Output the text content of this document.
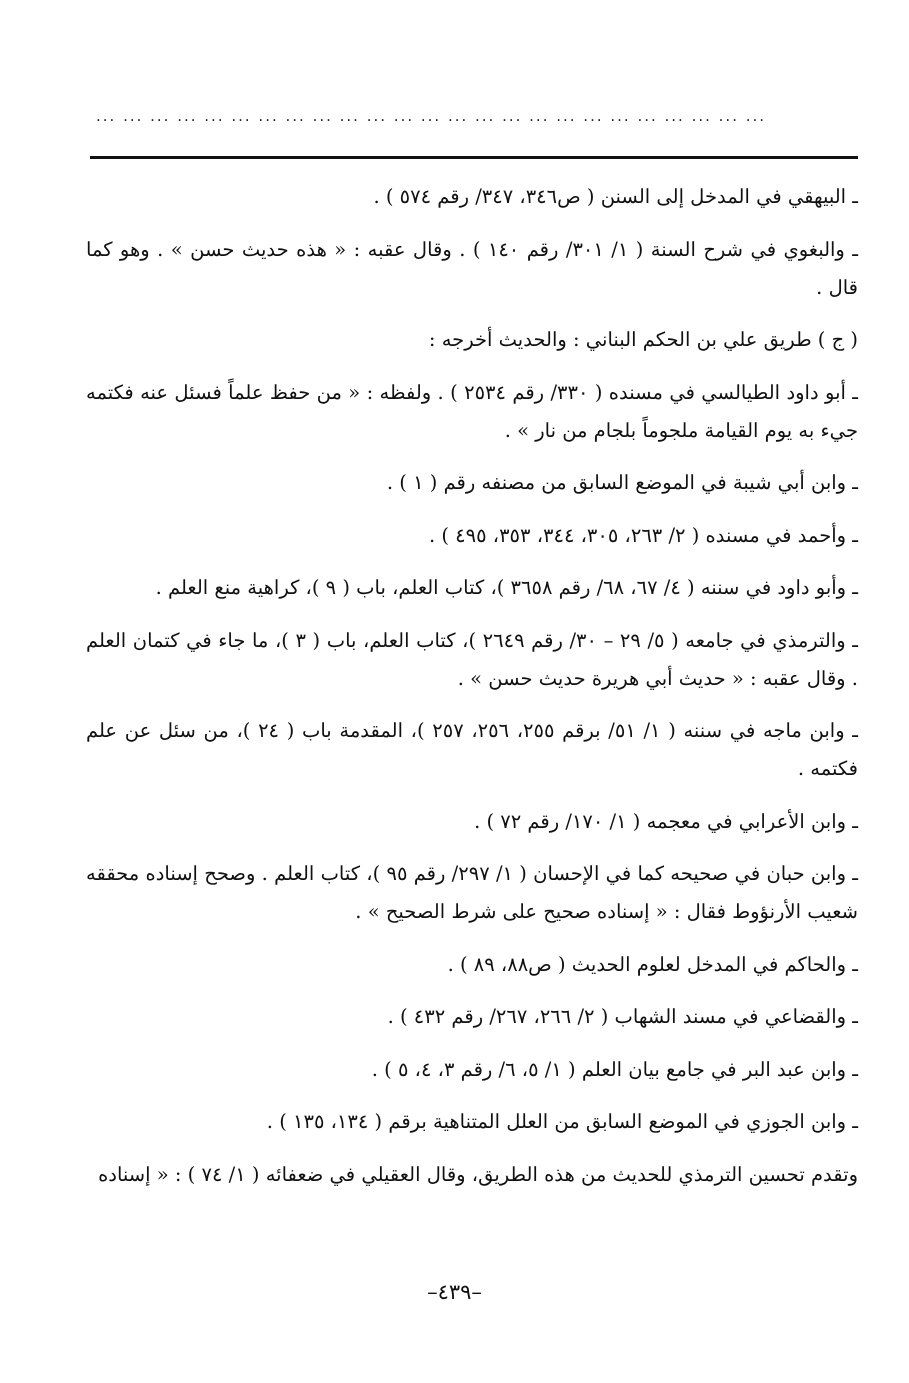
... ... ... ... ... ... ... ... ... ... ... ... ... ... ... ... ... ... ... ... ... ... ... ... ...

ـ البيهقي في المدخل إلى السنن ( ص٣٤٦، ٣٤٧/ رقم ٥٧٤ ) .

ـ والبغوي في شرح السنة ( ١/ ٣٠١/ رقم ١٤٠ ) . وقال عقبه : « هذه حديث حسن » . وهو كما قال .

( ج ) طريق علي بن الحكم البناني : والحديث أخرجه :

ـ أبو داود الطيالسي في مسنده ( ٣٣٠/ رقم ٢٥٣٤ ) . ولفظه : « من حفظ علماً فسئل عنه فكتمه جيء به يوم القيامة ملجوماً بلجام من نار » .

ـ وابن أبي شيبة في الموضع السابق من مصنفه رقم ( ١ ) .

ـ وأحمد في مسنده ( ٢/ ٢٦٣، ٣٠٥، ٣٤٤، ٣٥٣، ٤٩٥ ) .

ـ وأبو داود في سننه ( ٤/ ٦٧، ٦٨/ رقم ٣٦٥٨ )، كتاب العلم، باب ( ٩ )، كراهية منع العلم .

ـ والترمذي في جامعه ( ٥/ ٢٩ – ٣٠/ رقم ٢٦٤٩ )، كتاب العلم، باب ( ٣ )، ما جاء في كتمان العلم . وقال عقبه : « حديث أبي هريرة حديث حسن » .

ـ وابن ماجه في سننه ( ١/ ٥١/ برقم ٢٥٥، ٢٥٦، ٢٥٧ )، المقدمة باب ( ٢٤ )، من سئل عن علم فكتمه .

ـ وابن الأعرابي في معجمه ( ١/ ١٧٠/ رقم ٧٢ ) .

ـ وابن حبان في صحيحه كما في الإحسان ( ١/ ٢٩٧/ رقم ٩٥ )، كتاب العلم . وصحح إسناده محققه شعيب الأرنؤوط فقال : « إسناده صحيح على شرط الصحيح » .

ـ والحاكم في المدخل لعلوم الحديث ( ص٨٨، ٨٩ ) .

ـ والقضاعي في مسند الشهاب ( ٢/ ٢٦٦، ٢٦٧/ رقم ٤٣٢ ) .

ـ وابن عبد البر في جامع بيان العلم ( ١/ ٥، ٦/ رقم ٣، ٤، ٥ ) .

ـ وابن الجوزي في الموضع السابق من العلل المتناهية برقم ( ١٣٤، ١٣٥ ) .

وتقدم تحسين الترمذي للحديث من هذه الطريق، وقال العقيلي في ضعفائه ( ١/ ٧٤ ) : « إسناده

–٤٣٩–
